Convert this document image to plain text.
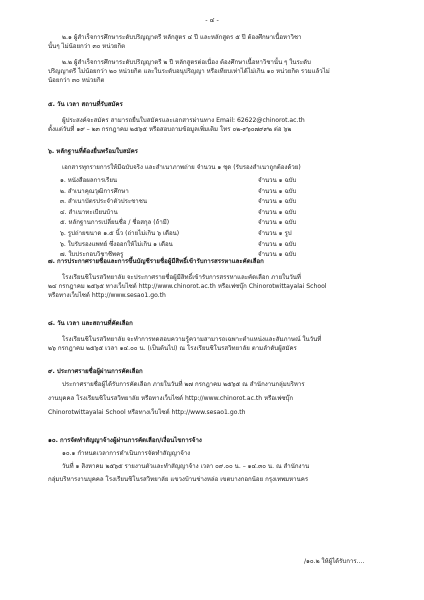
- ๔ -
๒.๑ ผู้สำเร็จการศึกษาระดับปริญญาตรี หลักสูตร ๔ ปี และหลักสูตร ๕ ปี ต้องศึกษาเนื้อหาวิชา
นั้นๆ ไม่น้อยกว่า ๓๐ หน่วยกิต
๒.๒ ผู้สำเร็จการศึกษาระดับปริญญาตรี ๒ ปี หลักสูตรต่อเนื่อง ต้องศึกษาเนื้อหาวิชานั้น ๆ ในระดับ
ปริญญาตรี ไม่น้อยกว่า ๒๐ หน่วยกิต และในระดับอนุปริญญา หรือเทียบเท่าได้ไม่เกิน ๑๐ หน่วยกิต รวมแล้วไม่
น้อยกว่า ๓๐ หน่วยกิต
๕. วัน เวลา สถานที่รับสมัคร
ผู้ประสงค์จะสมัคร สามารถยื่นใบสมัครและเอกสารผ่านทาง Email: 62622@chinorot.ac.th
ตั้งแต่วันที่ ๑๙ – ๒๓ กรกฎาคม ๒๕๖๕ หรือสอบถามข้อมูลเพิ่มเติม โทร ๐๒-๙๖๐๗๙๙๒ ต่อ ๖๒
๖. หลักฐานที่ต้องยื่นพร้อมใบสมัคร
เอกสารทุกรายการให้มีฉบับจริง และสำเนาภาพถ่าย จำนวน ๑ ชุด (รับรองสำเนาถูกต้องด้วย)
๑. หนังสือผลการเรียน	จำนวน ๑ ฉบับ
๒. สำเนาคุณวุฒิการศึกษา	จำนวน ๑ ฉบับ
๓. สำเนาบัตรประจำตัวประชาชน	จำนวน ๑ ฉบับ
๔. สำเนาทะเบียนบ้าน	จำนวน ๑ ฉบับ
๕. หลักฐานการเปลี่ยนชื่อ / ชื่อสกุล (ถ้ามี)	จำนวน ๑ ฉบับ
๖. รูปถ่ายขนาด ๑.๕ นิ้ว (ถ่ายไม่เกิน ๖ เดือน)	จำนวน ๑ รูป
๖. ใบรับรองแพทย์ ซึ่งออกให้ไม่เกิน ๑ เดือน	จำนวน ๑ ฉบับ
๗. ใบประกอบวิชาชีพครู	จำนวน ๑ ฉบับ
๗. การประกาศรายชื่อและการขึ้นบัญชีรายชื่อผู้มีสิทธิ์เข้ารับการสรรหาและคัดเลือก
โรงเรียนชิโนรสวิทยาลัย จะประกาศรายชื่อผู้มีสิทธิ์เข้ารับการสรรหาและคัดเลือก ภายในวันที่
๒๔ กรกฎาคม ๒๕๖๕ ทางเว็บไซต์ http://www.chinorot.ac.th หรือเฟซบุ๊ก Chinorotwittayalai School
หรือทางเว็บไซต์ http://www.sesao1.go.th
๘. วัน เวลา และสถานที่คัดเลือก
โรงเรียนชิโนรสวิทยาลัย จะทำการทดสอบความรู้ความสามารถเฉพาะตำแหน่งและสัมภาษณ์ ในวันที่
๒๖ กรกฎาคม ๒๕๖๕ เวลา ๑๔.๐๐ น. (เป็นต้นไป) ณ โรงเรียนชิโนรสวิทยาลัย ตามลำดับผู้สมัคร
๙. ประกาศรายชื่อผู้ผ่านการคัดเลือก
ประกาศรายชื่อผู้ได้รับการคัดเลือก ภายในวันที่ ๒๗ กรกฎาคม ๒๕๖๕ ณ สำนักงานกลุ่มบริหาร
งานบุคคล โรงเรียนชิโนรสวิทยาลัย หรือทางเว็บไซต์ http://www.chinorot.ac.th หรือเฟซบุ๊ก
Chinorotwittayalai School หรือทางเว็บไซต์ http://www.sesao1.go.th
๑๐. การจัดทำสัญญาจ้างผู้ผ่านการคัดเลือก/เงื่อนไขการจ้าง
๑๐.๑ กำหนดเวลาการดำเนินการจัดทำสัญญาจ้าง
วันที่ ๑ สิงหาคม ๒๕๖๕ รายงานตัวและทำสัญญาจ้าง เวลา ๐๙.๐๐ น. – ๑๔.๓๐ น. ณ สำนักงาน
กลุ่มบริหารงานบุคคล โรงเรียนชิโนรสวิทยาลัย แขวงบ้านช่างหล่อ เขตบางกอกน้อย กรุงเทพมหานคร
/๑๐.๒ ให้ผู้ได้รับการ....
